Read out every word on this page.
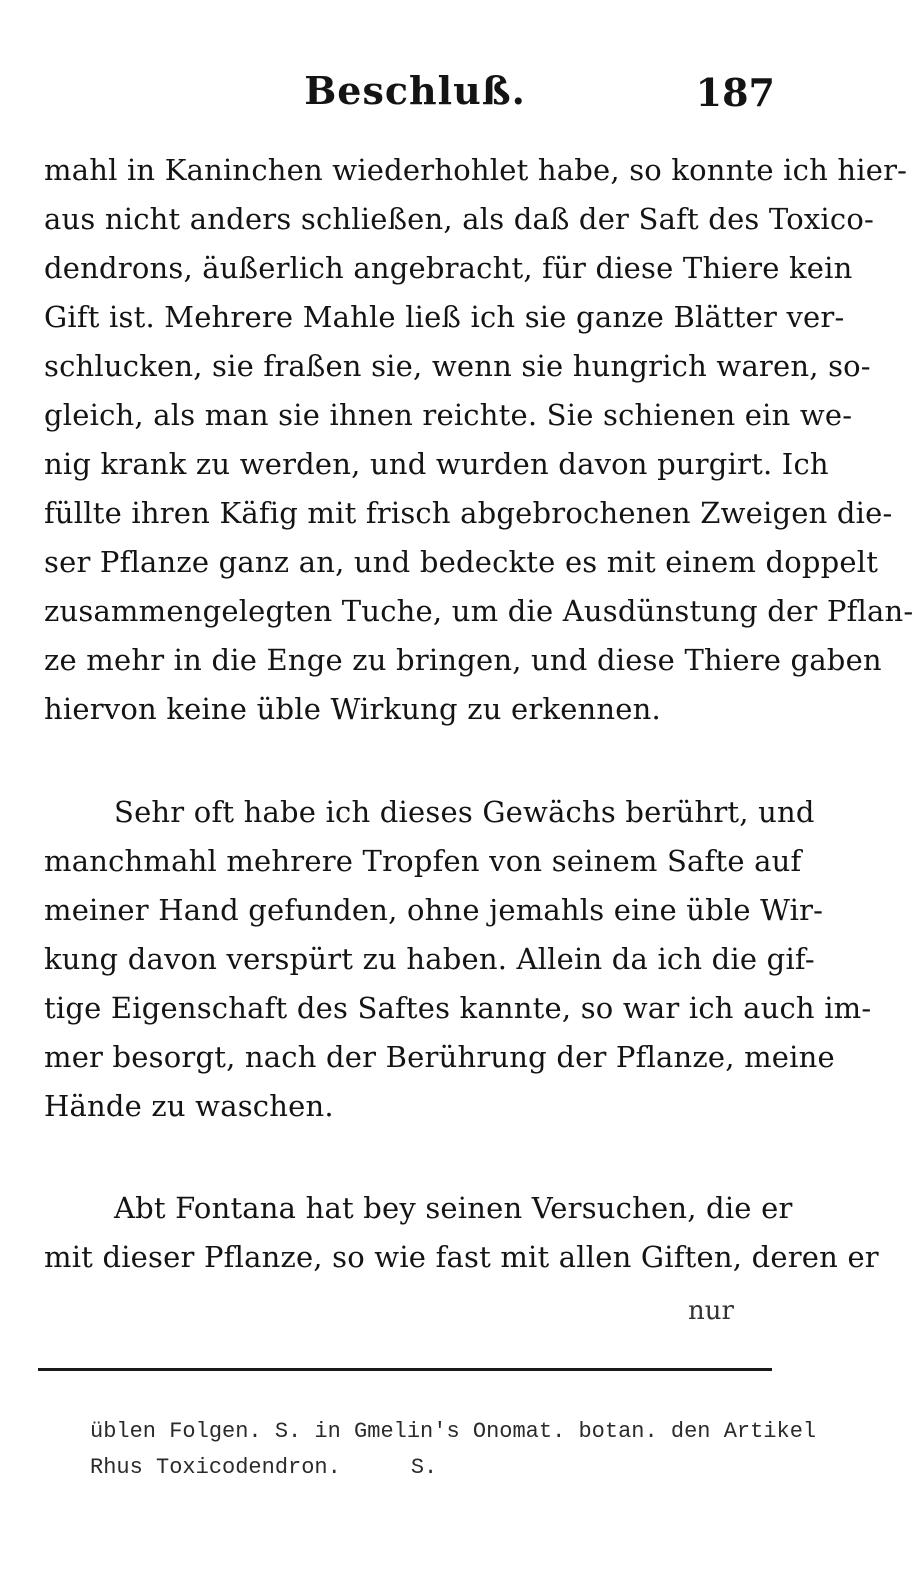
Beschluß.	187
mahl in Kaninchen wiederhohlet habe, so konnte ich hier-
aus nicht anders schließen, als daß der Saft des Toxico-
dendrons, äußerlich angebracht, für diese Thiere kein
Gift ist. Mehrere Mahle ließ ich sie ganze Blätter ver-
schlucken, sie fraßen sie, wenn sie hungrich waren, so-
gleich, als man sie ihnen reichte. Sie schienen ein we-
nig krank zu werden, und wurden davon purgirt. Ich
füllte ihren Käfig mit frisch abgebrochenen Zweigen die-
ser Pflanze ganz an, und bedeckte es mit einem doppelt
zusammengelegten Tuche, um die Ausdünstung der Pflan-
ze mehr in die Enge zu bringen, und diese Thiere gaben
hiervon keine üble Wirkung zu erkennen.
Sehr oft habe ich dieses Gewächs berührt, und
manchmahl mehrere Tropfen von seinem Safte auf
meiner Hand gefunden, ohne jemahls eine üble Wir-
kung davon verspürt zu haben. Allein da ich die gif-
tige Eigenschaft des Saftes kannte, so war ich auch im-
mer besorgt, nach der Berührung der Pflanze, meine
Hände zu waschen.
Abt Fontana hat bey seinen Versuchen, die er
mit dieser Pflanze, so wie fast mit allen Giften, deren er
nur
üblen Folgen. S. in Gmelin's Onomat. botan. den Artikel
Rhus Toxicodendron.	S.
